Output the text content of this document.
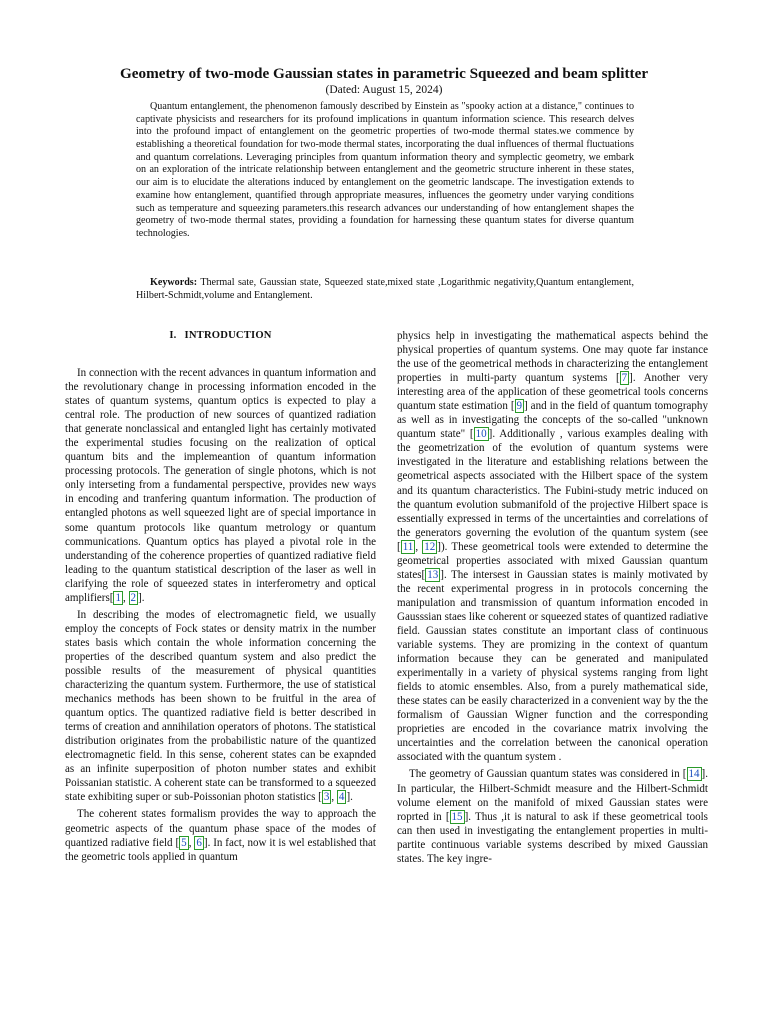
Geometry of two-mode Gaussian states in parametric Squeezed and beam splitter
(Dated: August 15, 2024)

Quantum entanglement, the phenomenon famously described by Einstein as "spooky action at a distance," continues to captivate physicists and researchers for its profound implications in quantum information science. This research delves into the profound impact of entanglement on the geometric properties of two-mode thermal states.we commence by establishing a theoretical foundation for two-mode thermal states, incorporating the dual influences of thermal fluctuations and quantum correlations. Leveraging principles from quantum information theory and symplectic geometry, we embark on an exploration of the intricate relationship between entanglement and the geometric structure inherent in these states, our aim is to elucidate the alterations induced by entanglement on the geometric landscape. The investigation extends to examine how entanglement, quantified through appropriate measures, influences the geometry under varying conditions such as temperature and squeezing parameters.this research advances our understanding of how entanglement shapes the geometry of two-mode thermal states, providing a foundation for harnessing these quantum states for diverse quantum technologies.

Keywords: Thermal sate, Gaussian state, Squeezed state,mixed state ,Logarithmic negativity,Quantum entanglement, Hilbert-Schmidt,volume and Entanglement.

I. INTRODUCTION

In connection with the recent advances in quantum information and the revolutionary change in processing information encoded in the states of quantum systems, quantum optics is expected to play a central role. The production of new sources of quantized radiation that generate nonclassical and entangled light has certainly motivated the experimental studies focusing on the realization of optical quantum bits and the implemeantion of quantum information processing protocols. The generation of single photons, which is not only interseting from a fundamental perspective, provides new ways in encoding and tranfering quantum information. The production of entangled photons as well squeezed light are of special importance in some quantum protocols like quantum metrology or quantum communications. Quantum optics has played a pivotal role in the understanding of the coherence properties of quantized radiative field leading to the quantum statistical description of the laser as well in clarifying the role of squeezed states in interferometry and optical amplifiers[ 1 , 2 ].

In describing the modes of electromagnetic field, we usually employ the concepts of Fock states or density matrix in the number states basis which contain the whole information concerning the properties of the described quantum system and also predict the possible results of the measurement of physical quantities characterizing the quantum system. Furthermore, the use of statistical mechanics methods has been shown to be fruitful in the area of quantum optics. The quantized radiative field is better described in terms of creation and annihilation operators of photons. The statistical distribution originates from the probabilistic nature of the quantized electromagnetic field. In this sense, coherent states can be exapnded as an infinite superposition of photon number states and exhibit Poissanian statistic. A coherent state can be transformed to a squeezed state exhibiting super or sub-Poissonian photon statistics [ 3 , 4 ].

The coherent states formalism provides the way to approach the geometric aspects of the quantum phase space of the modes of quantized radiative field [ 5 , 6 ]. In fact, now it is wel established that the geometric tools applied in quantum

physics help in investigating the mathematical aspects behind the physical properties of quantum systems. One may quote far instance the use of the geometrical methods in characterizing the entanglement properties in multi-party quantum systems [ 7 ]. Another very interesting area of the application of these geometrical tools concerns quantum state estimation [ 9 ] and in the field of quantum tomography as well as in investigating the concepts of the so-called "unknown quantum state" [ 10 ]. Additionally , various examples dealing with the geometrization of the evolution of quantum systems were investigated in the literature and establishing relations between the geometrical aspects associated with the Hilbert space of the system and its quantum characteristics. The Fubini-study metric induced on the quantum evolution submanifold of the projective Hilbert space is essentially expressed in terms of the uncertainties and correlations of the generators governing the evolution of the quantum system (see [ 11 , 12 ]). These geometrical tools were extended to determine the geometrical properties associated with mixed Gaussian quantum states[ 13 ]. The intersest in Gaussian states is mainly motivated by the recent experimental progress in in protocols concerning the manipulation and transmission of quantum information encoded in Gausssian staes like coherent or squeezed states of quantized radiative field. Gaussian states constitute an important class of continuous variable systems. They are promizing in the context of quantum information because they can be generated and manipulated experimentally in a variety of physical systems ranging from light fields to atomic ensembles. Also, from a purely mathematical side, these states can be easily characterized in a convenient way by the the formalism of Gaussian Wigner function and the corresponding proprieties are encoded in the covariance matrix involving the uncertainties and the correlation between the canonical operation associated with the quantum system .

The geometry of Gaussian quantum states was considered in [ 14 ]. In particular, the Hilbert-Schmidt measure and the Hilbert-Schmidt volume element on the manifold of mixed Gaussian states were roprted in [ 15 ]. Thus ,it is natural to ask if these geometrical tools can then used in investigating the entanglement properties in multi-partite continuous variable systems described by mixed Gaussian states. The key ingre-
